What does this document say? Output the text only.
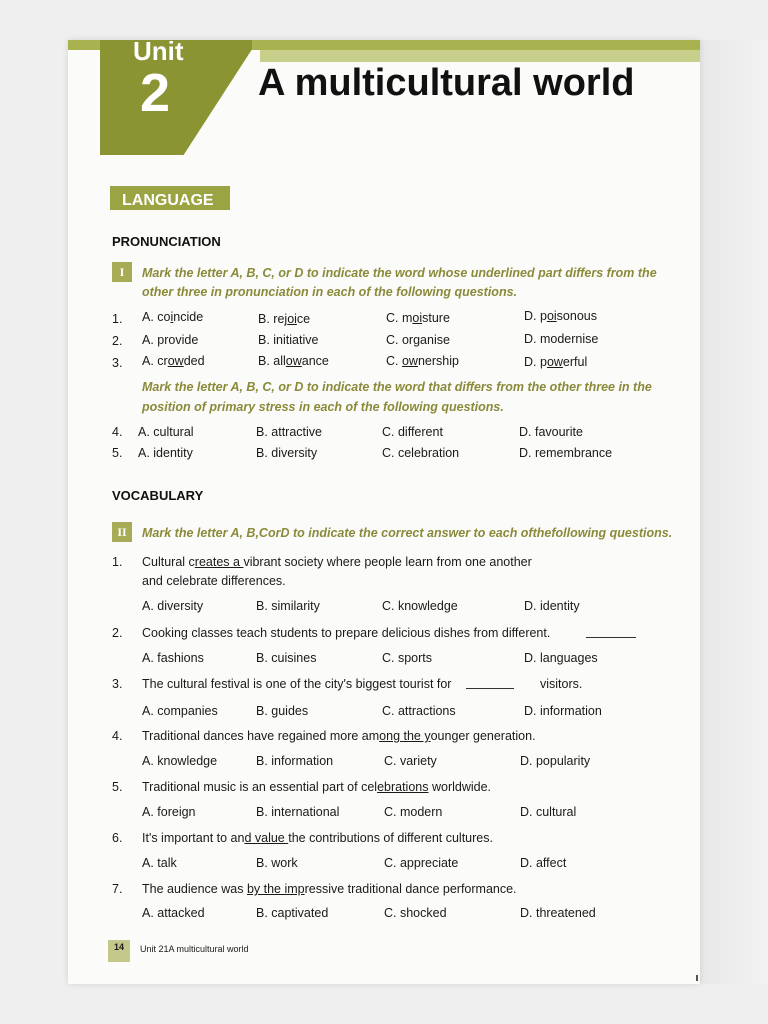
Unit
2 A multicultural world
LANGUAGE
PRONUNCIATION
I	Mark the letter A, B, C, or D to indicate the word whose underlined part differs from the
other three in pronunciation in each of the following questions.
1. A. coincide	B. rejoice	C. moisture	D. poisonous
2. A. provide	B. initiative	C. organise	D. modernise
3. A. crowded	B. allowance	C. ownership	D. powerful
Mark the letter A, B, C, or D to indicate the word that differs from the other three in the
position of primary stress in each of the following questions.
4. A. cultural	B. attractive	C. different	D. favourite
5. A. identity	B. diversity	C. celebration	D. remembrance
VOCABULARY
II	Mark the letter A, B,CorD to indicate the correct answer to each ofthefollowing questions.
1. Cultural creates a vibrant society where people learn from one another
and celebrate differences.
A. diversity	B. similarity	C. knowledge	D. identity
2. Cooking classes teach students to prepare delicious dishes from different.
A. fashions	B. cuisines	C. sports	D. languages
3. The cultural festival is one of the city's biggest tourist for	visitors.
A. companies	B. guides	C. attractions	D. information
4. Traditional dances have regained more among the younger generation.
A. knowledge	B. information	C. variety	D. popularity
5. Traditional music is an essential part of celebrations worldwide.
A. foreign	B. international	C. modern	D. cultural
6. It's important to and value the contributions of different cultures.
A. talk	B. work	C. appreciate	D. affect
7. The audience was by the impressive traditional dance performance.
A. attacked	B. captivated	C. shocked	D. threatened
14	Unit 21A multicultural world
